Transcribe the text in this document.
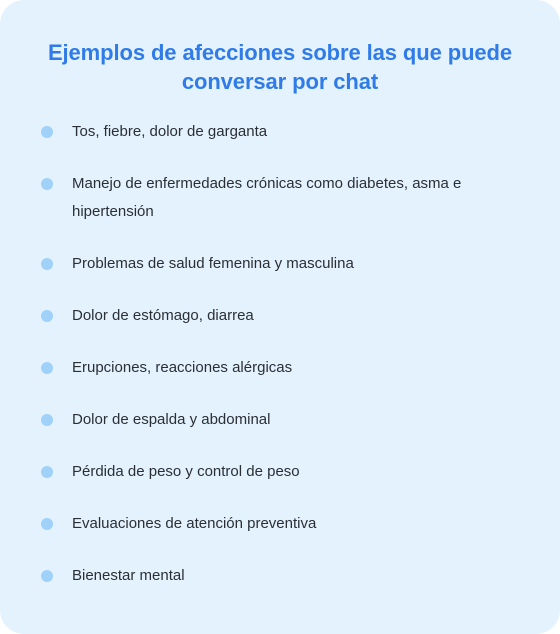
Ejemplos de afecciones sobre las que puede conversar por chat
Tos, fiebre, dolor de garganta
Manejo de enfermedades crónicas como diabetes, asma e hipertensión
Problemas de salud femenina y masculina
Dolor de estómago, diarrea
Erupciones, reacciones alérgicas
Dolor de espalda y abdominal
Pérdida de peso y control de peso
Evaluaciones de atención preventiva
Bienestar mental
